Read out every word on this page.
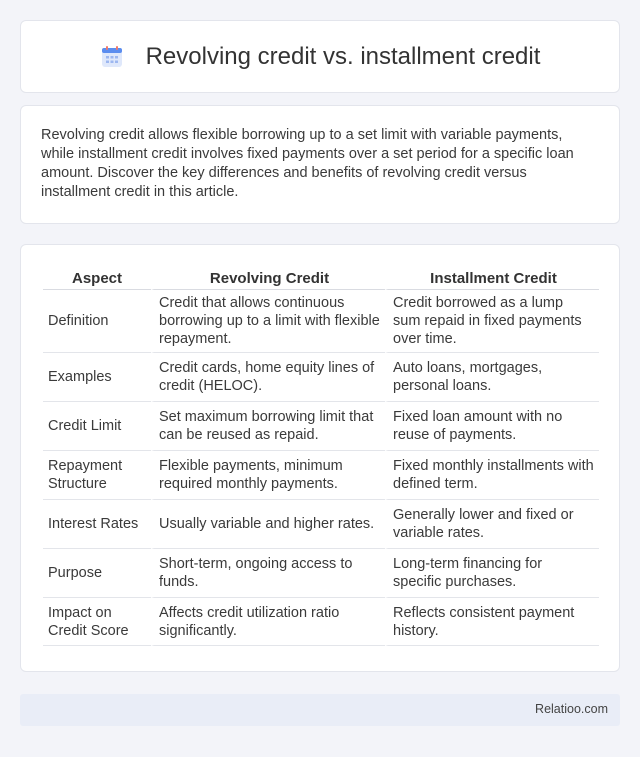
Revolving credit vs. installment credit

Revolving credit allows flexible borrowing up to a set limit with variable payments, while installment credit involves fixed payments over a set period for a specific loan amount. Discover the key differences and benefits of revolving credit versus installment credit in this article.

Aspect	Revolving Credit	Installment Credit
Definition	Credit that allows continuous borrowing up to a limit with flexible repayment.	Credit borrowed as a lump sum repaid in fixed payments over time.
Examples	Credit cards, home equity lines of credit (HELOC).	Auto loans, mortgages, personal loans.
Credit Limit	Set maximum borrowing limit that can be reused as repaid.	Fixed loan amount with no reuse of payments.
Repayment Structure	Flexible payments, minimum required monthly payments.	Fixed monthly installments with defined term.
Interest Rates	Usually variable and higher rates.	Generally lower and fixed or variable rates.
Purpose	Short-term, ongoing access to funds.	Long-term financing for specific purchases.
Impact on Credit Score	Affects credit utilization ratio significantly.	Reflects consistent payment history.
Relatioo.com
